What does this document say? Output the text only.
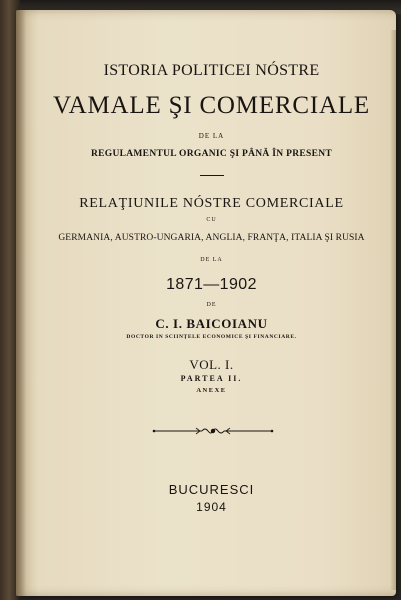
ISTORIA POLITICEI NÓSTRE
VAMALE ŞI COMERCIALE
DE LA
REGULAMENTUL ORGANIC ŞI PÂNĂ ÎN PRESENT
RELAŢIUNILE NÓSTRE COMERCIALE
CU
GERMANIA, AUSTRO-UNGARIA, ANGLIA, FRANŢA, ITALIA ŞI RUSIA
DE LA
1871—1902
DE
C. I. BAICOIANU
DOCTOR IN SCIINŢELE ECONOMICE ŞI FINANCIARE.
VOL. I.
PARTEA II.
ANEXE
BUCURESCI
1904
